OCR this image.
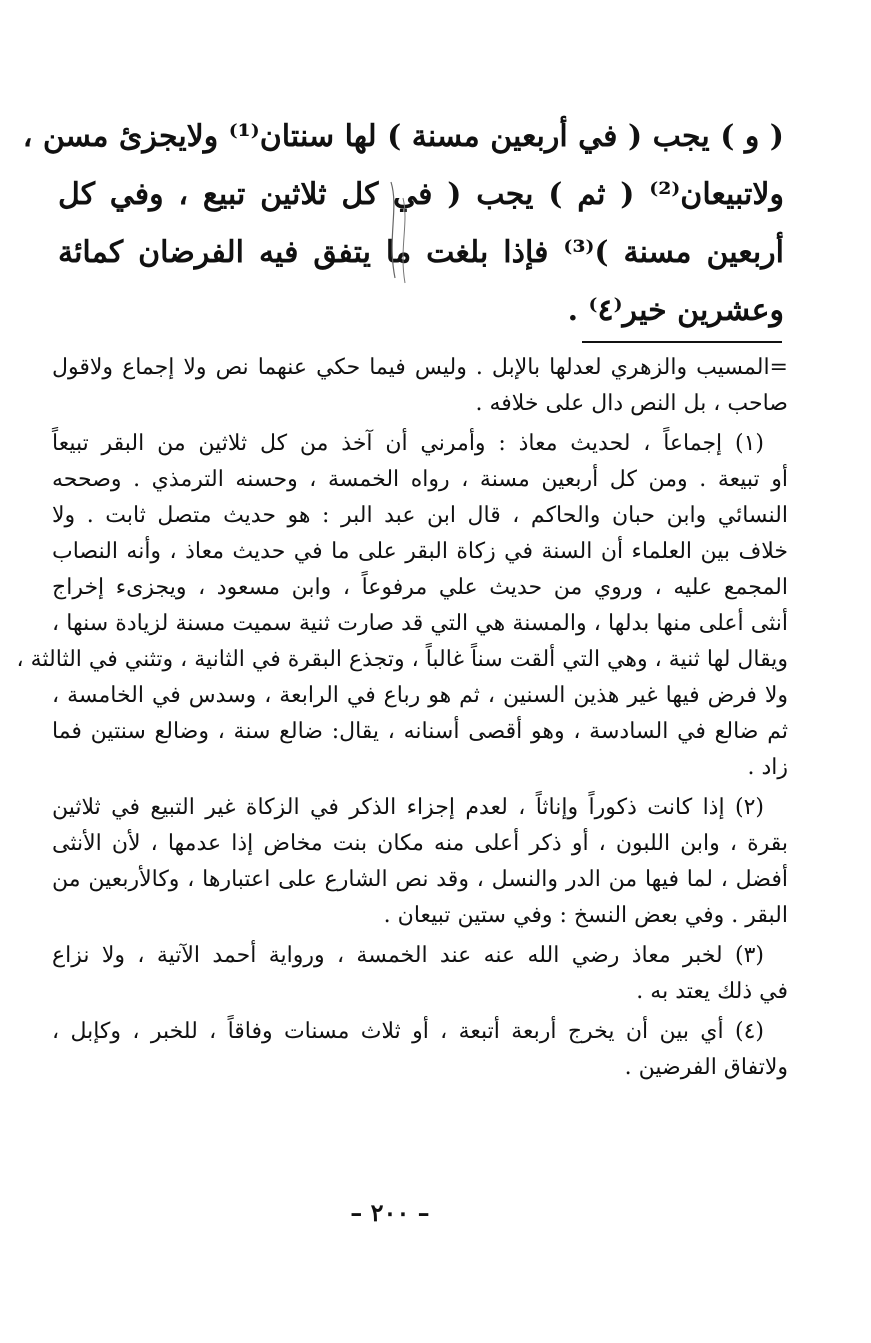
( و ) يجب ( في أربعين مسنة ) لها سنتان⁽¹⁾ ولايجزئ مسن ،
ولاتبيعان⁽²⁾ ( ثم ) يجب ( في كل ثلاثين تبيع ، وفي كل
أربعين مسنة )⁽³⁾ فإذا بلغت ما يتفق فيه الفرضان كمائة
وعشرين خير⁽٤⁾ .
=المسيب والزهري لعدلها بالإبل . وليس فيما حكي عنهما نص ولا إجماع ولاقول
صاحب ، بل النص دال على خلافه .
(١) إجماعاً ، لحديث معاذ : وأمرني أن آخذ من كل ثلاثين من البقر تبيعاً
أو تبيعة . ومن كل أربعين مسنة ، رواه الخمسة ، وحسنه الترمذي . وصححه
النسائي وابن حبان والحاكم ، قال ابن عبد البر : هو حديث متصل ثابت . ولا
خلاف بين العلماء أن السنة في زكاة البقر على ما في حديث معاذ ، وأنه النصاب
المجمع عليه ، وروي من حديث علي مرفوعاً ، وابن مسعود ، ويجزىء إخراج
أنثى أعلى منها بدلها ، والمسنة هي التي قد صارت ثنية سميت مسنة لزيادة سنها ،
ويقال لها ثنية ، وهي التي ألقت سناً غالباً ، وتجذع البقرة في الثانية ، وتثني في الثالثة ،
ولا فرض فيها غير هذين السنين ، ثم هو رباع في الرابعة ، وسدس في الخامسة ،
ثم ضالع في السادسة ، وهو أقصى أسنانه ، يقال: ضالع سنة ، وضالع سنتين فما
زاد .
(٢) إذا كانت ذكوراً وإناثاً ، لعدم إجزاء الذكر في الزكاة غير التبيع في ثلاثين
بقرة ، وابن اللبون ، أو ذكر أعلى منه مكان بنت مخاض إذا عدمها ، لأن الأنثى
أفضل ، لما فيها من الدر والنسل ، وقد نص الشارع على اعتبارها ، وكالأربعين من
البقر . وفي بعض النسخ : وفي ستين تبيعان .
(٣) لخبر معاذ رضي الله عنه عند الخمسة ، ورواية أحمد الآتية ، ولا نزاع
في ذلك يعتد به .
(٤) أي بين أن يخرج أربعة أتبعة ، أو ثلاث مسنات وفاقاً ، للخبر ، وكإبل ،
ولاتفاق الفرضين .
– ٢٠٠ –
